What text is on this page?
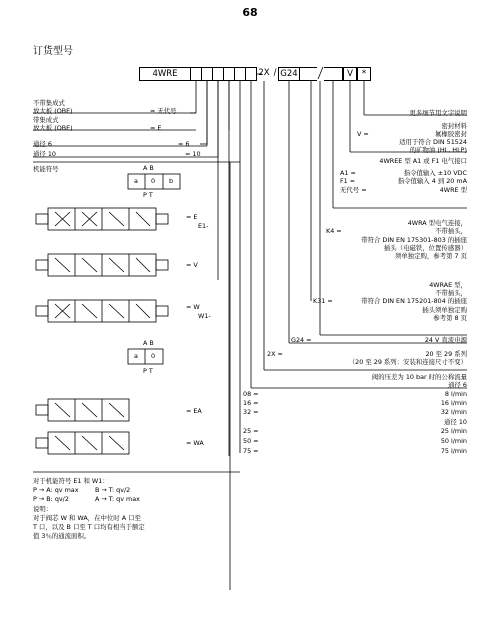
68
订货型号
4WRE	2X / G24	V	*
不带集成式
放大板 (OBE)	= 无代号
带集成式
放大板 (OBE)	= E
通径 6	= 6
通径 10	= 10
机能符号	A B
a 0 b
P T
= E
E1-
= V
= W
W1-
A B
a 0
P T
= EA
= WA
对于机能符号 E1 和 W1：
P → A: qv max	B → T: qv/2
P → B: qv/2	A → T: qv max
说明：
对于阀芯 W 和 WA，在中位时 A 口至
T 口，以及 B 口至 T 口均有相当于额定
值 3％的通流面积。
更多细节用文字说明
密封材料
V =	氟橡胶密封
适用于符合 DIN 51524
的矿物油 (HL, HLP)
4WREE 型 A1 或 F1 电气接口
A1 =	指令值输入 ±10 VDC
F1 =	指令值输入 4 到 20 mA
无代号 =	4WRE 型
4WRA 型电气连接，
K4 =	不带插头，
带符合 DIN EN 175301-803 的插座
插头（电磁铁，位置传感器）
须单独定购，参考第 7 页
4WRAE 型，
不带插头，
K31 =	带符合 DIN EN 175201-804 的插座
插头须单独定购
参考第 8 页
G24 =	24 V 直流电源
2X =	20 至 29 系列
（20 至 29 系列：安装和连接尺寸不变）
阀的压差为 10 bar 时的公称流量
通径 6
08 =	8 l/min
16 =	16 l/min
32 =	32 l/min
通径 10
25 =	25 l/min
50 =	50 l/min
75 =	75 l/min
